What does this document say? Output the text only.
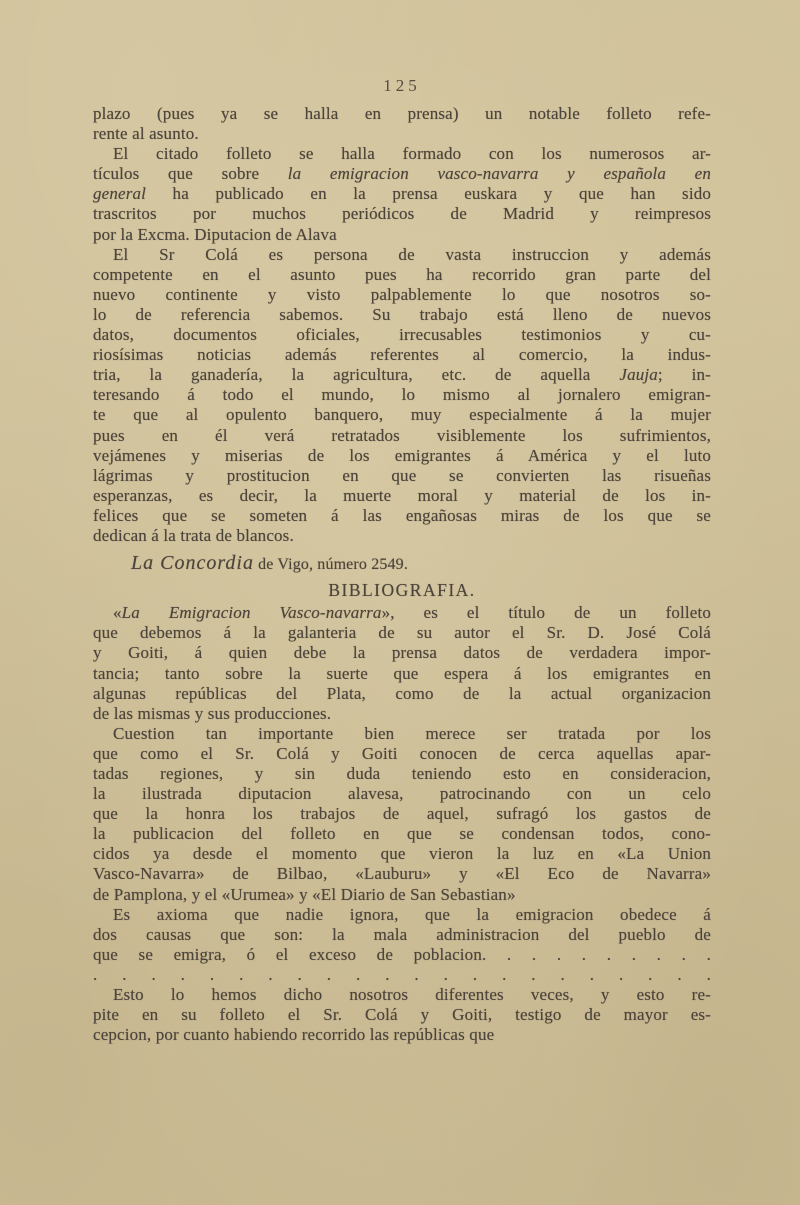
125
plazo (pues ya se halla en prensa) un notable folleto refe-
rente al asunto.
El citado folleto se halla formado con los numerosos ar-
tículos que sobre la emigracion vasco-navarra y española en
general ha publicado en la prensa euskara y que han sido
trascritos por muchos periódicos de Madrid y reimpresos
por la Excma. Diputacion de Alava
El Sr Colá es persona de vasta instruccion y además
competente en el asunto pues ha recorrido gran parte del
nuevo continente y visto palpablemente lo que nosotros so-
lo de referencia sabemos. Su trabajo está lleno de nuevos
datos, documentos oficiales, irrecusables testimonios y cu-
riosísimas noticias además referentes al comercio, la indus-
tria, la ganadería, la agricultura, etc. de aquella Jauja; in-
teresando á todo el mundo, lo mismo al jornalero emigran-
te que al opulento banquero, muy especialmente á la mujer
pues en él verá retratados visiblemente los sufrimientos,
vejámenes y miserias de los emigrantes á América y el luto
lágrimas y prostitucion en que se convierten las risueñas
esperanzas, es decir, la muerte moral y material de los in-
felices que se someten á las engañosas miras de los que se
dedican á la trata de blancos.
La Concordia de Vigo, número 2549.
BIBLIOGRAFIA.
«La Emigracion Vasco-navarra», es el título de un folleto
que debemos á la galanteria de su autor el Sr. D. José Colá
y Goiti, á quien debe la prensa datos de verdadera impor-
tancia; tanto sobre la suerte que espera á los emigrantes en
algunas repúblicas del Plata, como de la actual organizacion
de las mismas y sus producciones.
Cuestion tan importante bien merece ser tratada por los
que como el Sr. Colá y Goiti conocen de cerca aquellas apar-
tadas regiones, y sin duda teniendo esto en consideracion,
la ilustrada diputacion alavesa, patrocinando con un celo
que la honra los trabajos de aquel, sufragó los gastos de
la publicacion del folleto en que se condensan todos, cono-
cidos ya desde el momento que vieron la luz en «La Union
Vasco-Navarra» de Bilbao, «Lauburu» y «El Eco de Navarra»
de Pamplona, y el «Urumea» y «El Diario de San Sebastian»
Es axioma que nadie ignora, que la emigracion obedece á
dos causas que son: la mala administracion del pueblo de
que se emigra, ó el exceso de poblacion. . . . . . . . . .
. . . . . . . . . . . . . . . . . . . . . .
Esto lo hemos dicho nosotros diferentes veces, y esto re-
pite en su folleto el Sr. Colá y Goiti, testigo de mayor es-
cepcion, por cuanto habiendo recorrido las repúblicas que
